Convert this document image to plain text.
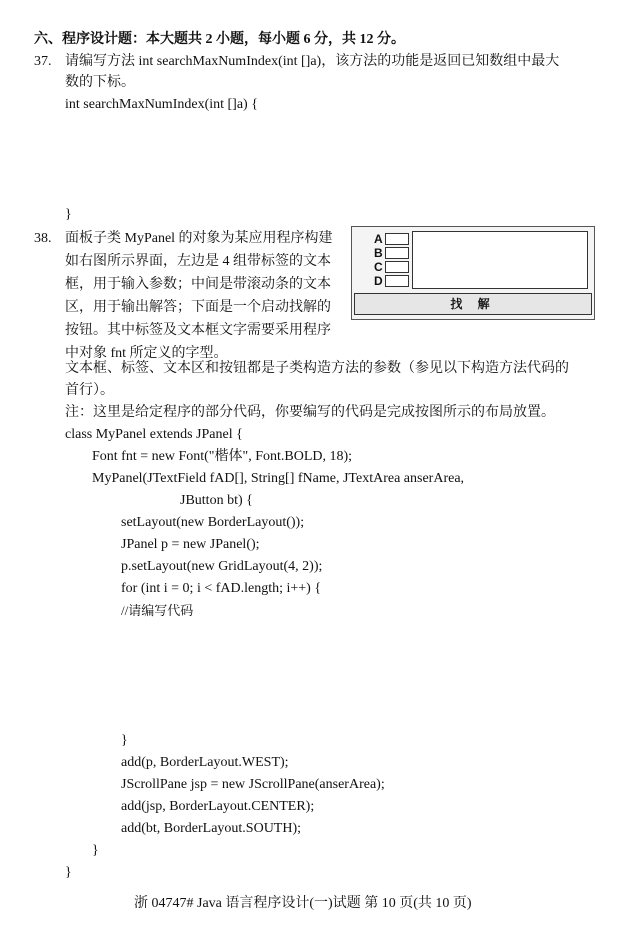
六、程序设计题：本大题共 2 小题，每小题 6 分，共 12 分。
37. 请编写方法 int searchMaxNumIndex(int []a)，该方法的功能是返回已知数组中最大
数的下标。
int searchMaxNumIndex(int []a) {
}
38. 面板子类 MyPanel 的对象为某应用程序构建如右图所示界面，左边是 4 组带标签的文本框，用于输入参数；中间是带滚动条的文本区，用于输出解答；下面是一个启动找解的按钮。其中标签及文本框文字需要采用程序中对象 fnt 所定义的字型。
A
B
C
D
找 解
文本框、标签、文本区和按钮都是子类构造方法的参数（参见以下构造方法代码的
首行）。
注：这里是给定程序的部分代码，你要编写的代码是完成按图所示的布局放置。
class MyPanel extends JPanel {
Font fnt = new Font("楷体", Font.BOLD, 18);
MyPanel(JTextField fAD[], String[] fName, JTextArea anserArea,
JButton bt) {
setLayout(new BorderLayout());
JPanel p = new JPanel();
p.setLayout(new GridLayout(4, 2));
for (int i = 0; i < fAD.length; i++) {
//请编写代码
}
add(p, BorderLayout.WEST);
JScrollPane jsp = new JScrollPane(anserArea);
add(jsp, BorderLayout.CENTER);
add(bt, BorderLayout.SOUTH);
}
}
浙 04747# Java 语言程序设计(一)试题 第 10 页(共 10 页)
